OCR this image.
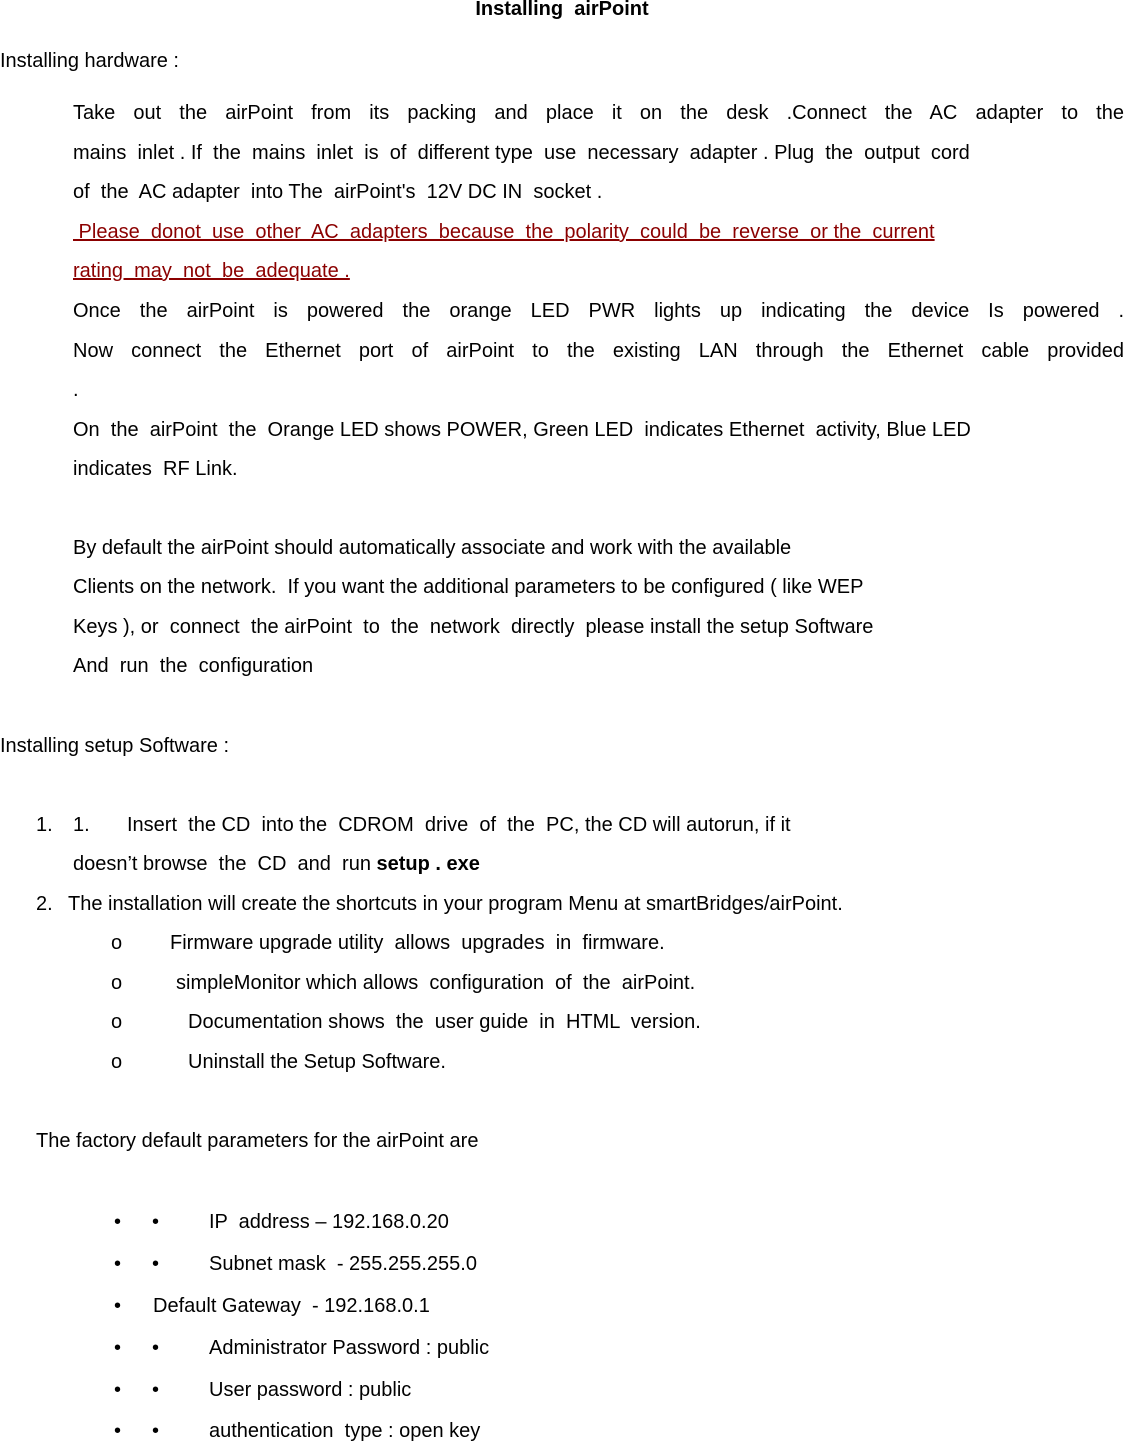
Installing  airPoint
Installing hardware :
Take out the airPoint from its packing and place it on the desk .Connect the AC adapter to the
mains  inlet . If  the  mains  inlet  is  of  different type  use  necessary  adapter . Plug  the  output  cord
of  the  AC adapter  into The  airPoint's  12V DC IN  socket .
Please  donot  use  other  AC  adapters  because  the  polarity  could  be  reverse  or the  current
rating  may  not  be  adequate .
Once the airPoint is powered the orange LED PWR lights up indicating the device Is powered .
Now connect the Ethernet port of airPoint to the existing LAN through the Ethernet cable provided
.
On  the  airPoint  the  Orange LED shows POWER, Green LED  indicates Ethernet  activity, Blue LED
indicates  RF Link.
By default the airPoint should automatically associate and work with the available
Clients on the network.  If you want the additional parameters to be configured ( like WEP
Keys ), or  connect  the airPoint  to  the  network  directly  please install the setup Software
And  run  the  configuration
Installing setup Software :
1. 1. Insert  the CD  into the  CDROM  drive  of  the  PC, the CD will autorun, if it
doesn’t browse  the  CD  and  run setup . exe
2. The installation will create the shortcuts in your program Menu at smartBridges/airPoint.
o Firmware upgrade utility  allows  upgrades  in  firmware.
o	simpleMonitor which allows  configuration  of  the  airPoint.
o	Documentation shows  the  user guide  in  HTML  version.
o	Uninstall the Setup Software.
The factory default parameters for the airPoint are
• • IP  address – 192.168.0.20
• • Subnet mask  - 255.255.255.0
• Default Gateway  - 192.168.0.1
• • Administrator Password : public
• • User password : public
• • authentication  type : open key
